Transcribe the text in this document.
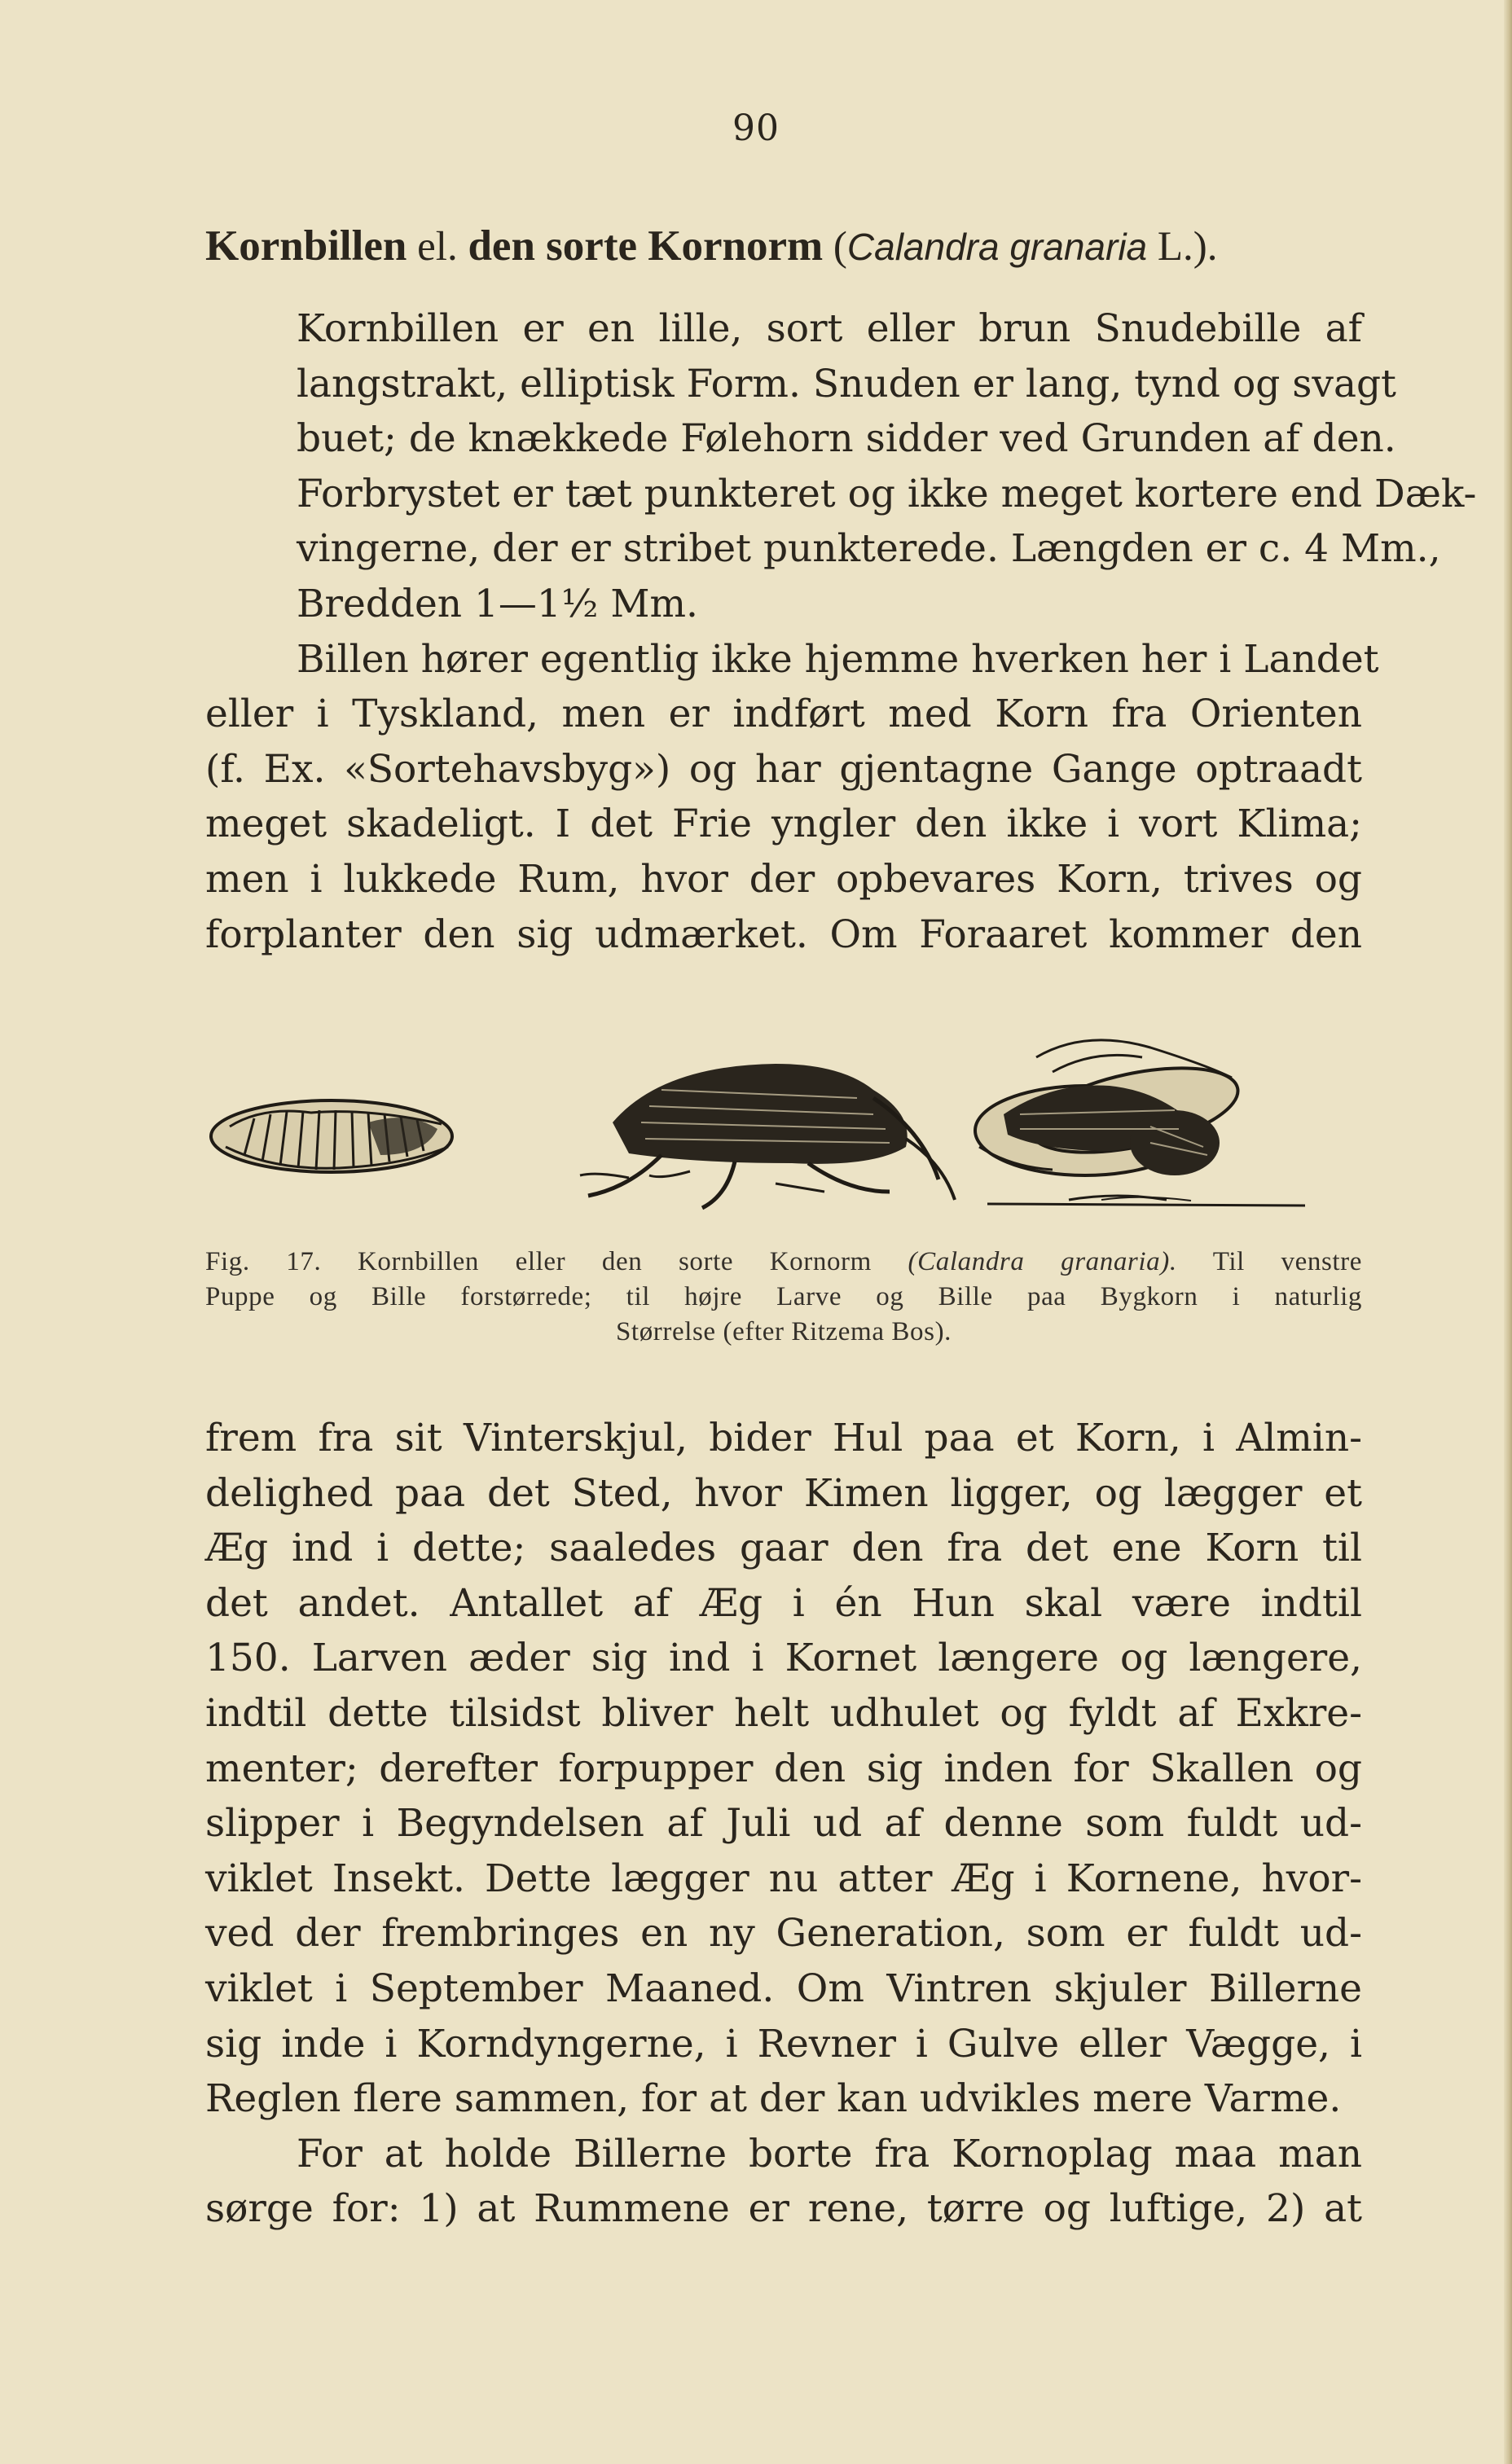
90
Kornbillen el. den sorte Kornorm (Calandra granaria L.).

Kornbillen er en lille, sort eller brun Snudebille af
langstrakt, elliptisk Form. Snuden er lang, tynd og svagt
buet; de knækkede Følehorn sidder ved Grunden af den.
Forbrystet er tæt punkteret og ikke meget kortere end Dæk-
vingerne, der er stribet punkterede. Længden er c. 4 Mm.,
Bredden 1—1½ Mm.

Billen hører egentlig ikke hjemme hverken her i Landet
eller i Tyskland, men er indført med Korn fra Orienten
(f. Ex. «Sortehavsbyg») og har gjentagne Gange optraadt
meget skadeligt. I det Frie yngler den ikke i vort Klima;
men i lukkede Rum, hvor der opbevares Korn, trives og
forplanter den sig udmærket. Om Foraaret kommer den

Fig. 17. Kornbillen eller den sorte Kornorm (Calandra granaria). Til venstre
Puppe og Bille forstørrede; til højre Larve og Bille paa Bygkorn i naturlig
Størrelse (efter Ritzema Bos).

frem fra sit Vinterskjul, bider Hul paa et Korn, i Almin-
delighed paa det Sted, hvor Kimen ligger, og lægger et
Æg ind i dette; saaledes gaar den fra det ene Korn til
det andet. Antallet af Æg i én Hun skal være indtil
150. Larven æder sig ind i Kornet længere og længere,
indtil dette tilsidst bliver helt udhulet og fyldt af Exkre-
menter; derefter forpupper den sig inden for Skallen og
slipper i Begyndelsen af Juli ud af denne som fuldt ud-
viklet Insekt. Dette lægger nu atter Æg i Kornene, hvor-
ved der frembringes en ny Generation, som er fuldt ud-
viklet i September Maaned. Om Vintren skjuler Billerne
sig inde i Korndyngerne, i Revner i Gulve eller Vægge, i
Reglen flere sammen, for at der kan udvikles mere Varme.

For at holde Billerne borte fra Kornoplag maa man
sørge for: 1) at Rummene er rene, tørre og luftige, 2) at
